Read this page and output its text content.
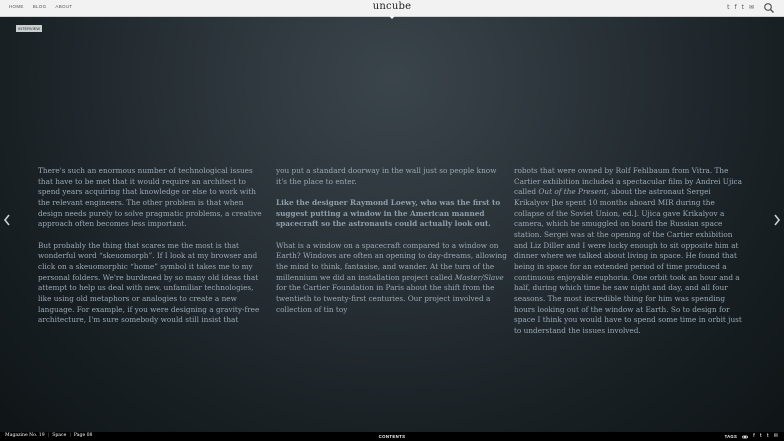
HOME BLOG ABOUT	uncube	t f t ✉
INTERVIEW

There's such an enormous number of technological issues that have to be met that it would require an architect to spend years acquiring that knowledge or else to work with the relevant engineers. The other problem is that when design needs purely to solve pragmatic problems, a creative approach often becomes less important.

But probably the thing that scares me the most is that wonderful word “skeuomorph”. If I look at my browser and click on a skeuomorphic “home” symbol it takes me to my personal folders. We're burdened by so many old ideas that attempt to help us deal with new, unfamiliar technologies, like using old metaphors or analogies to create a new language. For example, if you were designing a gravity-free architecture, I'm sure somebody would still insist that

you put a standard doorway in the wall just so people know it's the place to enter.

Like the designer Raymond Loewy, who was the first to suggest putting a window in the American manned spacecraft so the astronauts could actually look out.

What is a window on a spacecraft compared to a window on Earth? Windows are often an opening to day-dreams, allowing the mind to think, fantasise, and wander. At the turn of the millennium we did an installation project called Master/Slave for the Cartier Foundation in Paris about the shift from the twentieth to twenty-first centuries. Our project involved a collection of tin toy

robots that were owned by Rolf Fehlbaum from Vitra. The Cartier exhibition included a spectacular film by Andrei Ujica called Out of the Present, about the astronaut Sergei Krikalyov [he spent 10 months aboard MIR during the collapse of the Soviet Union, ed.]. Ujica gave Krikalyov a camera, which he smuggled on board the Russian space station. Sergei was at the opening of the Cartier exhibition and Liz Diller and I were lucky enough to sit opposite him at dinner where we talked about living in space. He found that being in space for an extended period of time produced a continuous enjoyable euphoria. One orbit took an hour and a half, during which time he saw night and day, and all four seasons. The most incredible thing for him was spending hours looking out of the window at Earth. So to design for space I think you would have to spend some time in orbit just to understand the issues involved.

Magazine No. 19 | Space | Page 08	CONTENTS	TAGS	f t t ✉
